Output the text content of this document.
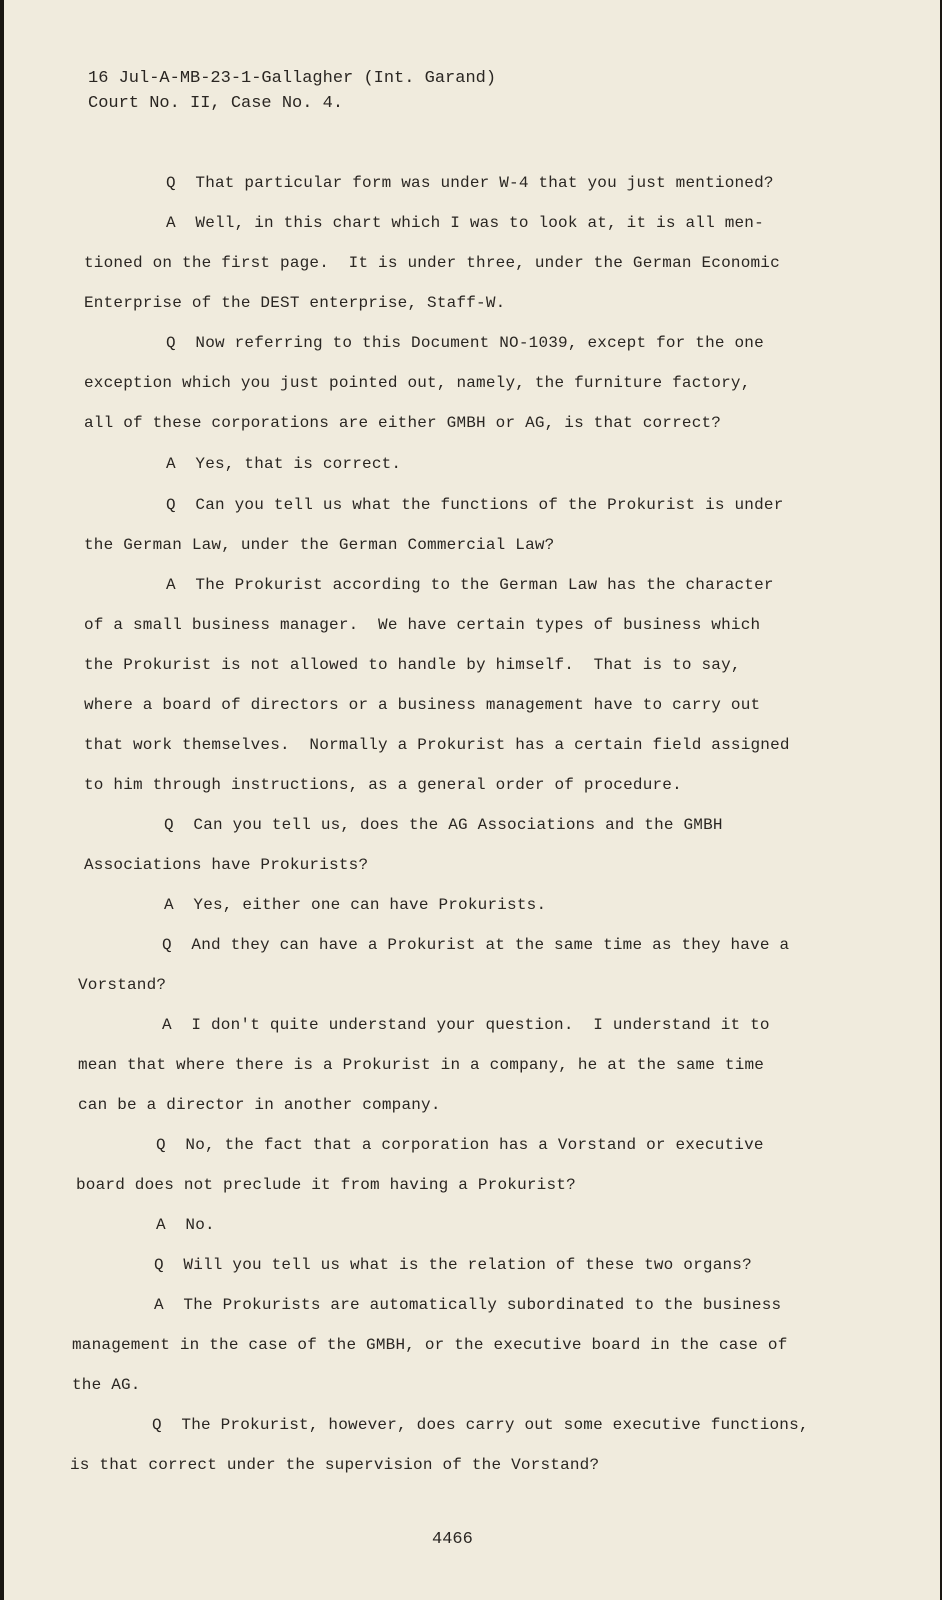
16 Jul-A-MB-23-1-Gallagher (Int. Garand)
Court No. II, Case No. 4.
Q  That particular form was under W-4 that you just mentioned?
A  Well, in this chart which I was to look at, it is all men-
tioned on the first page.  It is under three, under the German Economic
Enterprise of the DEST enterprise, Staff-W.
Q  Now referring to this Document NO-1039, except for the one
exception which you just pointed out, namely, the furniture factory,
all of these corporations are either GMBH or AG, is that correct?
A  Yes, that is correct.
Q  Can you tell us what the functions of the Prokurist is under
the German Law, under the German Commercial Law?
A  The Prokurist according to the German Law has the character
of a small business manager.  We have certain types of business which
the Prokurist is not allowed to handle by himself.  That is to say,
where a board of directors or a business management have to carry out
that work themselves.  Normally a Prokurist has a certain field assigned
to him through instructions, as a general order of procedure.
Q  Can you tell us, does the AG Associations and the GMBH
Associations have Prokurists?
A  Yes, either one can have Prokurists.
Q  And they can have a Prokurist at the same time as they have a
Vorstand?
A  I don't quite understand your question.  I understand it to
mean that where there is a Prokurist in a company, he at the same time
can be a director in another company.
Q  No, the fact that a corporation has a Vorstand or executive
board does not preclude it from having a Prokurist?
A  No.
Q  Will you tell us what is the relation of these two organs?
A  The Prokurists are automatically subordinated to the business
management in the case of the GMBH, or the executive board in the case of
the AG.
Q  The Prokurist, however, does carry out some executive functions,
is that correct under the supervision of the Vorstand?
4466
